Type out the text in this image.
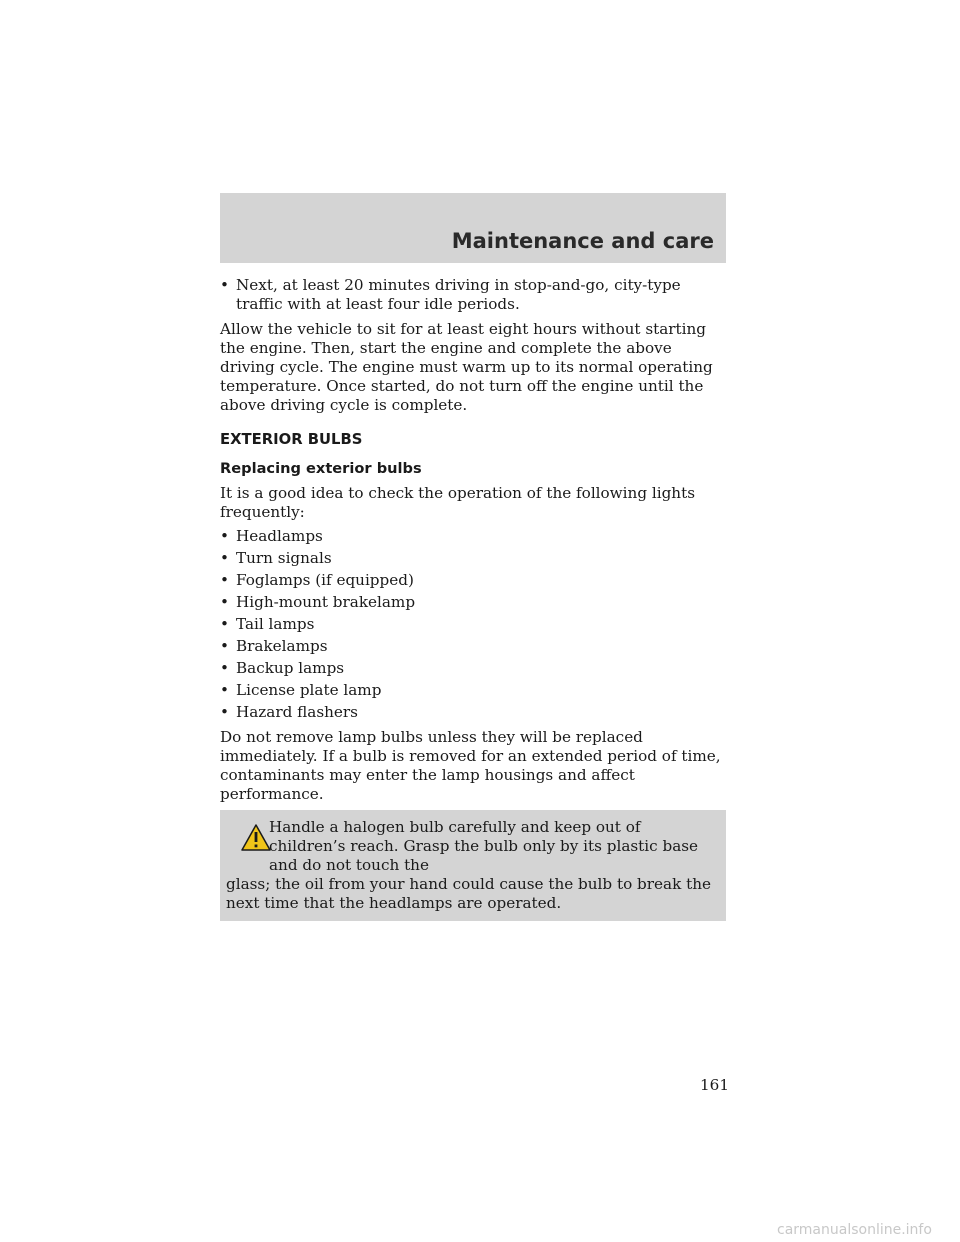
Maintenance and care
• Next, at least 20 minutes driving in stop-and-go, city-type traffic with at least four idle periods.
Allow the vehicle to sit for at least eight hours without starting the engine. Then, start the engine and complete the above driving cycle. The engine must warm up to its normal operating temperature. Once started, do not turn off the engine until the above driving cycle is complete.
EXTERIOR BULBS
Replacing exterior bulbs
It is a good idea to check the operation of the following lights frequently:
• Headlamps
• Turn signals
• Foglamps (if equipped)
• High-mount brakelamp
• Tail lamps
• Brakelamps
• Backup lamps
• License plate lamp
• Hazard flashers
Do not remove lamp bulbs unless they will be replaced immediately. If a bulb is removed for an extended period of time, contaminants may enter the lamp housings and affect performance.
Handle a halogen bulb carefully and keep out of children’s reach. Grasp the bulb only by its plastic base and do not touch the
glass; the oil from your hand could cause the bulb to break the next time that the headlamps are operated.
161
carmanualsonline.info
